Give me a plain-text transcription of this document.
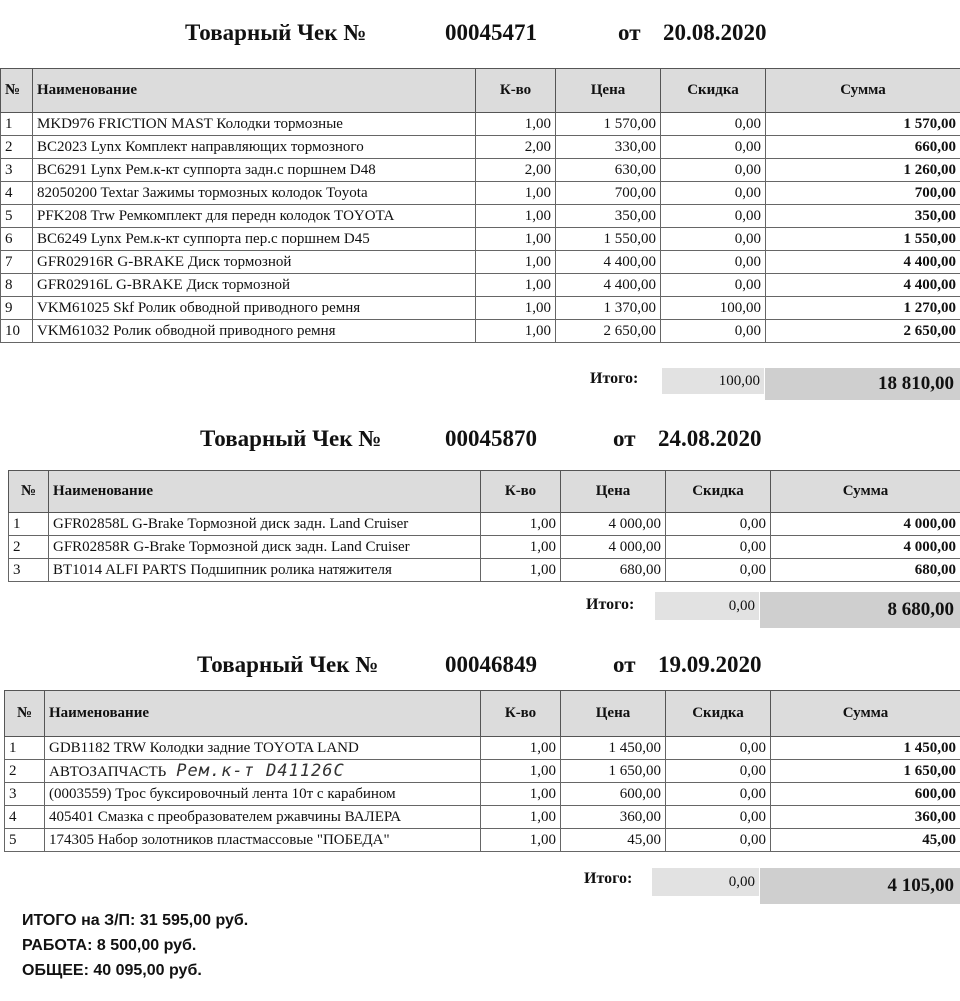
Товарный Чек №	00045471	от 20.08.2020
№	Наименование	К-во	Цена	Скидка	Сумма
1	MKD976 FRICTION MAST Колодки тормозные	1,00	1 570,00	0,00	1 570,00
2	BC2023 Lynx Комплект направляющих тормозного	2,00	330,00	0,00	660,00
3	BC6291 Lynx Рем.к-кт суппорта задн.с поршнем D48	2,00	630,00	0,00	1 260,00
4	82050200 Textar Зажимы тормозных колодок Toyota	1,00	700,00	0,00	700,00
5	PFK208 Trw Ремкомплект для передн колодок TOYOTA	1,00	350,00	0,00	350,00
6	BC6249 Lynx Рем.к-кт суппорта пер.с поршнем D45	1,00	1 550,00	0,00	1 550,00
7	GFR02916R G-BRAKE Диск тормозной	1,00	4 400,00	0,00	4 400,00
8	GFR02916L G-BRAKE Диск тормозной	1,00	4 400,00	0,00	4 400,00
9	VKM61025 Skf Ролик обводной приводного ремня	1,00	1 370,00	100,00	1 270,00
10	VKM61032 Ролик обводной приводного ремня	1,00	2 650,00	0,00	2 650,00
Итого:	100,00	18 810,00
Товарный Чек №	00045870	от 24.08.2020
№	Наименование	К-во	Цена	Скидка	Сумма
1	GFR02858L G-Brake Тормозной диск задн. Land Cruiser	1,00	4 000,00	0,00	4 000,00
2	GFR02858R G-Brake Тормозной диск задн. Land Cruiser	1,00	4 000,00	0,00	4 000,00
3	BT1014 ALFI PARTS Подшипник ролика натяжителя	1,00	680,00	0,00	680,00
Итого:	0,00	8 680,00
Товарный Чек №	00046849	от 19.09.2020
№	Наименование	К-во	Цена	Скидка	Сумма
1	GDB1182 TRW Колодки задние TOYOTA LAND	1,00	1 450,00	0,00	1 450,00
2	АВТОЗАПЧАСТЬ Рем.к-т D41126С	1,00	1 650,00	0,00	1 650,00
3	(0003559) Трос буксировочный лента 10т с карабином	1,00	600,00	0,00	600,00
4	405401 Смазка с преобразователем ржавчины ВАЛЕРА	1,00	360,00	0,00	360,00
5	174305 Набор золотников пластмассовые "ПОБЕДА"	1,00	45,00	0,00	45,00
Итого:	0,00	4 105,00
ИТОГО на З/П: 31 595,00 руб.
РАБОТА: 8 500,00 руб.
ОБЩЕЕ: 40 095,00 руб.
